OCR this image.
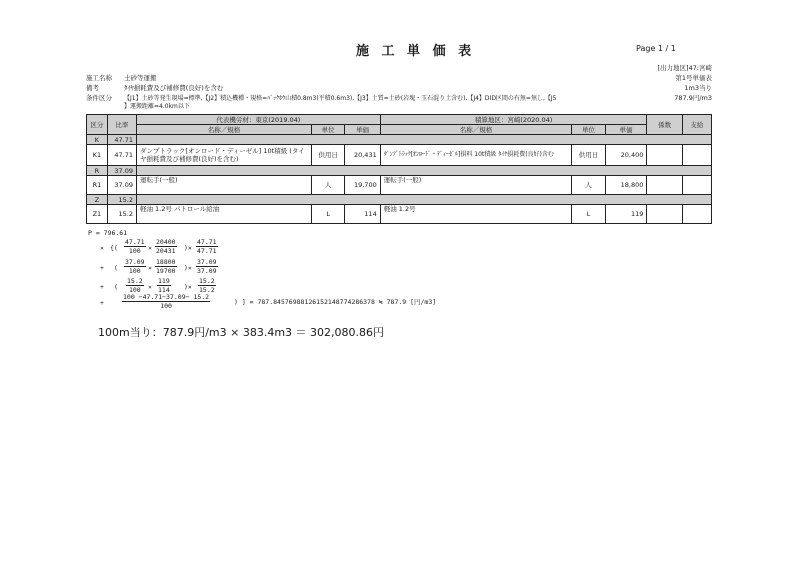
施 工 単 価 表	Page 1 / 1
[出力地区]47:宮崎
第1号単価表
1m3当り
787.9円/m3
施工名称 土砂等運搬
備考	ﾀｲﾔ損耗費及び補修費(良好)を含む
条件区分 【J1】土砂等発生現場=標準,【J2】積込機種・規格=ﾊﾞｯｸﾎｳ山積0.8m3(平積0.6m3),【J3】土質=土砂(岩塊・玉石混り土含む),【J4】DID区間の有無=無し,【J5
】運搬距離=4.0km以下
区分	比率	代表機労材：東京(2019.04)			積算地区：宮崎(2020.04)			係数	支給
		名称／規格	単位	単価	名称／規格	単位	単価		
K	47.71								
K1	47.71	ダンプトラック[オンロード・ディーゼル] 10t積級 (タイヤ損耗費及び補修費(良好)を含む)	供用日	20,431	ﾀﾞﾝﾌﾟﾄﾗｯｸ[ｵﾝﾛｰﾄﾞ・ﾃﾞｨｰｾﾞﾙ]損料 10t積級 ﾀｲﾔ損耗費(良好)含む	供用日	20,400		
R	37.09								
R1	37.09	運転手(一般)	人	19,700	運転手(一般)	人	18,800		
Z	15.2								
Z1	15.2	軽油 1.2号 パトロール給油	L	114	軽油 1.2号	L	119		
P = 796.61
× {( $\frac{47.71}{100} \times \frac{20400}{20431}$ )× $\frac{47.71}{47.71}$
+ ( $\frac{37.09}{100} \times \frac{18800}{19700}$ )× $\frac{37.09}{37.09}$
+ ( $\frac{15.2}{100} \times \frac{119}{114}$ )× $\frac{15.2}{15.2}$
+	$\frac{100 -47.71-37.09- 15.2}{100}$	) ] = 787.845769881261521487742863​78 ≒ 787.9 [円/m3]
100m当り：787.9円/m3 × 383.4m3 ＝ 302,080.86円
